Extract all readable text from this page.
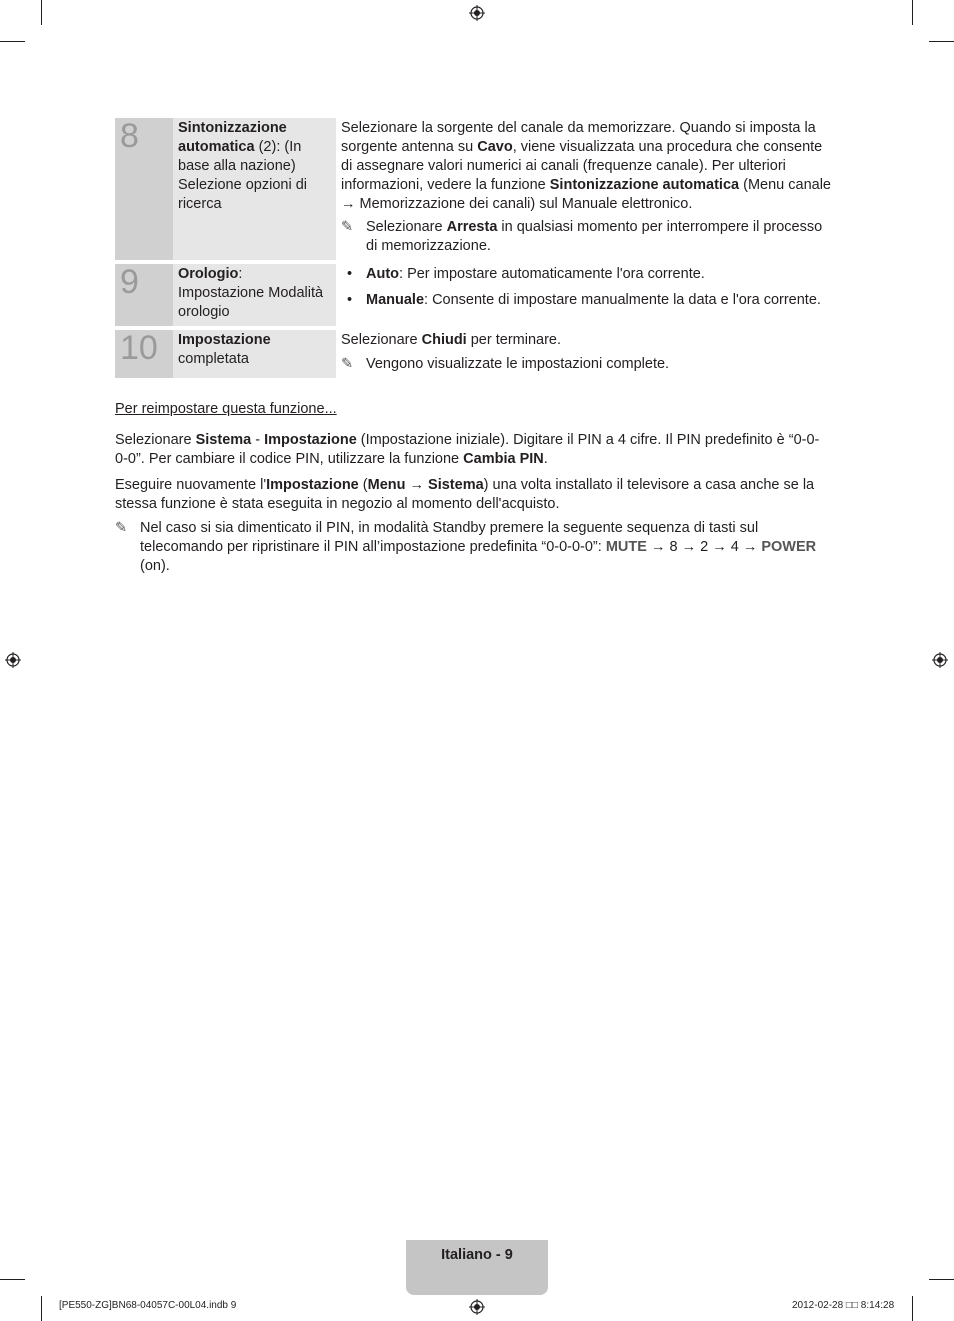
8	Sintonizzazione automatica (2): (In base alla nazione) Selezione opzioni di ricerca	Selezionare la sorgente del canale da memorizzare. Quando si imposta la sorgente antenna su Cavo, viene visualizzata una procedura che consente di assegnare valori numerici ai canali (frequenze canale). Per ulteriori informazioni, vedere la funzione Sintonizzazione automatica (Menu canale → Memorizzazione dei canali) sul Manuale elettronico.
✎ Selezionare Arresta in qualsiasi momento per interrompere il processo di memorizzazione.

9	Orologio: Impostazione Modalità orologio	• Auto: Per impostare automaticamente l'ora corrente.
• Manuale: Consente di impostare manualmente la data e l'ora corrente.

10	Impostazione completata	Selezionare Chiudi per terminare.
✎ Vengono visualizzate le impostazioni complete.
Per reimpostare questa funzione...
Selezionare Sistema - Impostazione (Impostazione iniziale). Digitare il PIN a 4 cifre. Il PIN predefinito è “0-0-0-0”. Per cambiare il codice PIN, utilizzare la funzione Cambia PIN.
Eseguire nuovamente l'Impostazione (Menu → Sistema) una volta installato il televisore a casa anche se la stessa funzione è stata eseguita in negozio al momento dell'acquisto.
✎ Nel caso si sia dimenticato il PIN, in modalità Standby premere la seguente sequenza di tasti sul telecomando per ripristinare il PIN all’impostazione predefinita “0-0-0-0”: MUTE → 8 → 2 → 4 → POWER (on).
Italiano - 9
[PE550-ZG]BN68-04057C-00L04.indb 9	2012-02-28 □□ 8:14:28
